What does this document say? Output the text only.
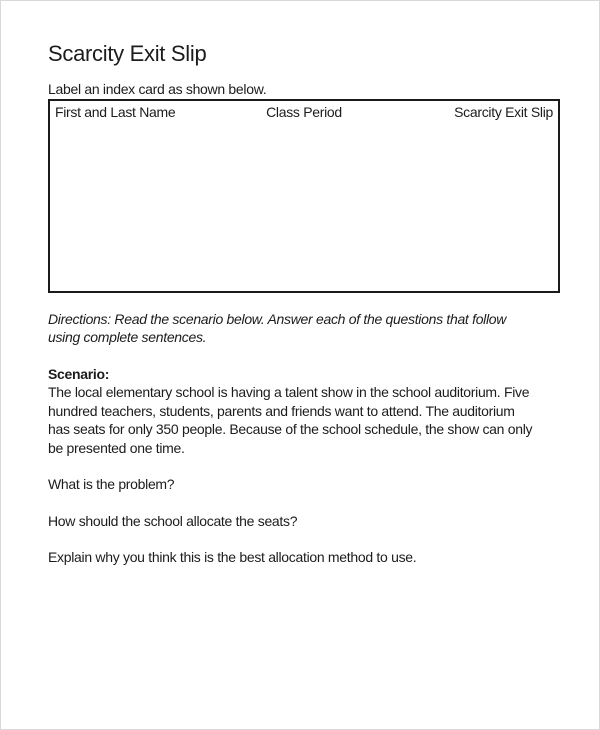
Scarcity Exit Slip

Label an index card as shown below.

First and Last Name	Class Period	Scarcity Exit Slip

Directions: Read the scenario below. Answer each of the questions that follow
using complete sentences.

Scenario:

The local elementary school is having a talent show in the school auditorium. Five
hundred teachers, students, parents and friends want to attend. The auditorium
has seats for only 350 people. Because of the school schedule, the show can only
be presented one time.

What is the problem?

How should the school allocate the seats?

Explain why you think this is the best allocation method to use.
